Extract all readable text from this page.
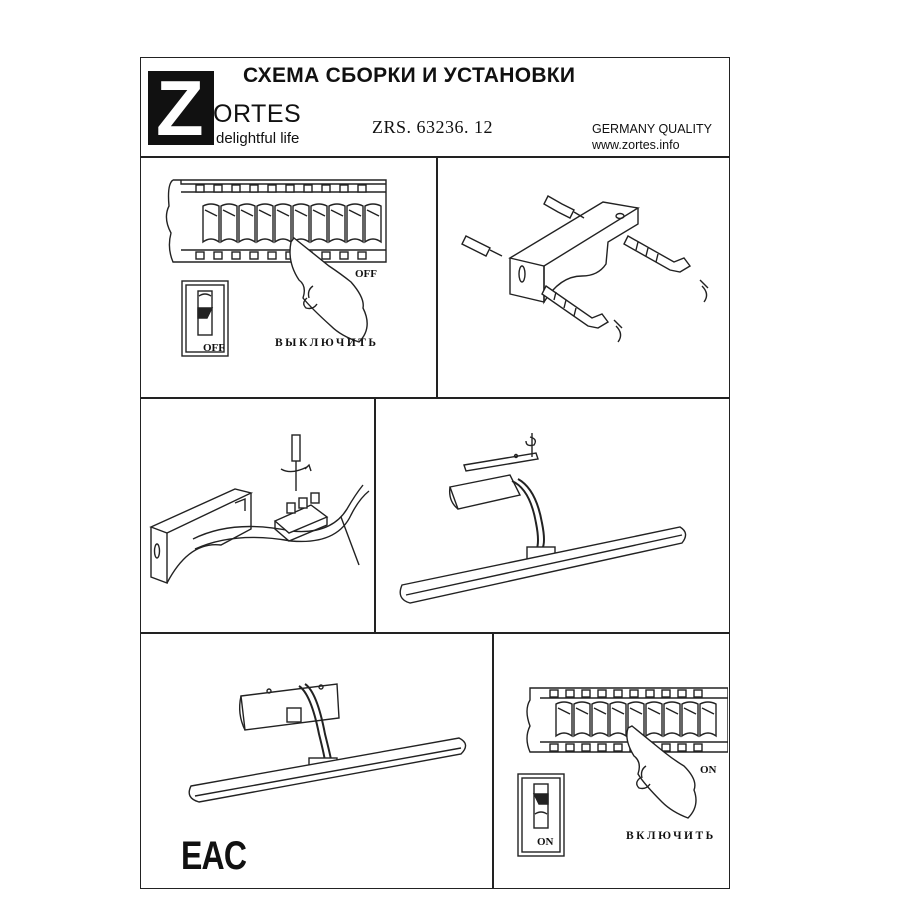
Z ORTES
delightful life
СХЕМА СБОРКИ И УСТАНОВКИ
ZRS. 63236. 12	GERMANY QUALITY
www.zortes.info
OFF
OFF	ВЫКЛЮЧИТЬ
EAC
ON
ON	ВКЛЮЧИТЬ
